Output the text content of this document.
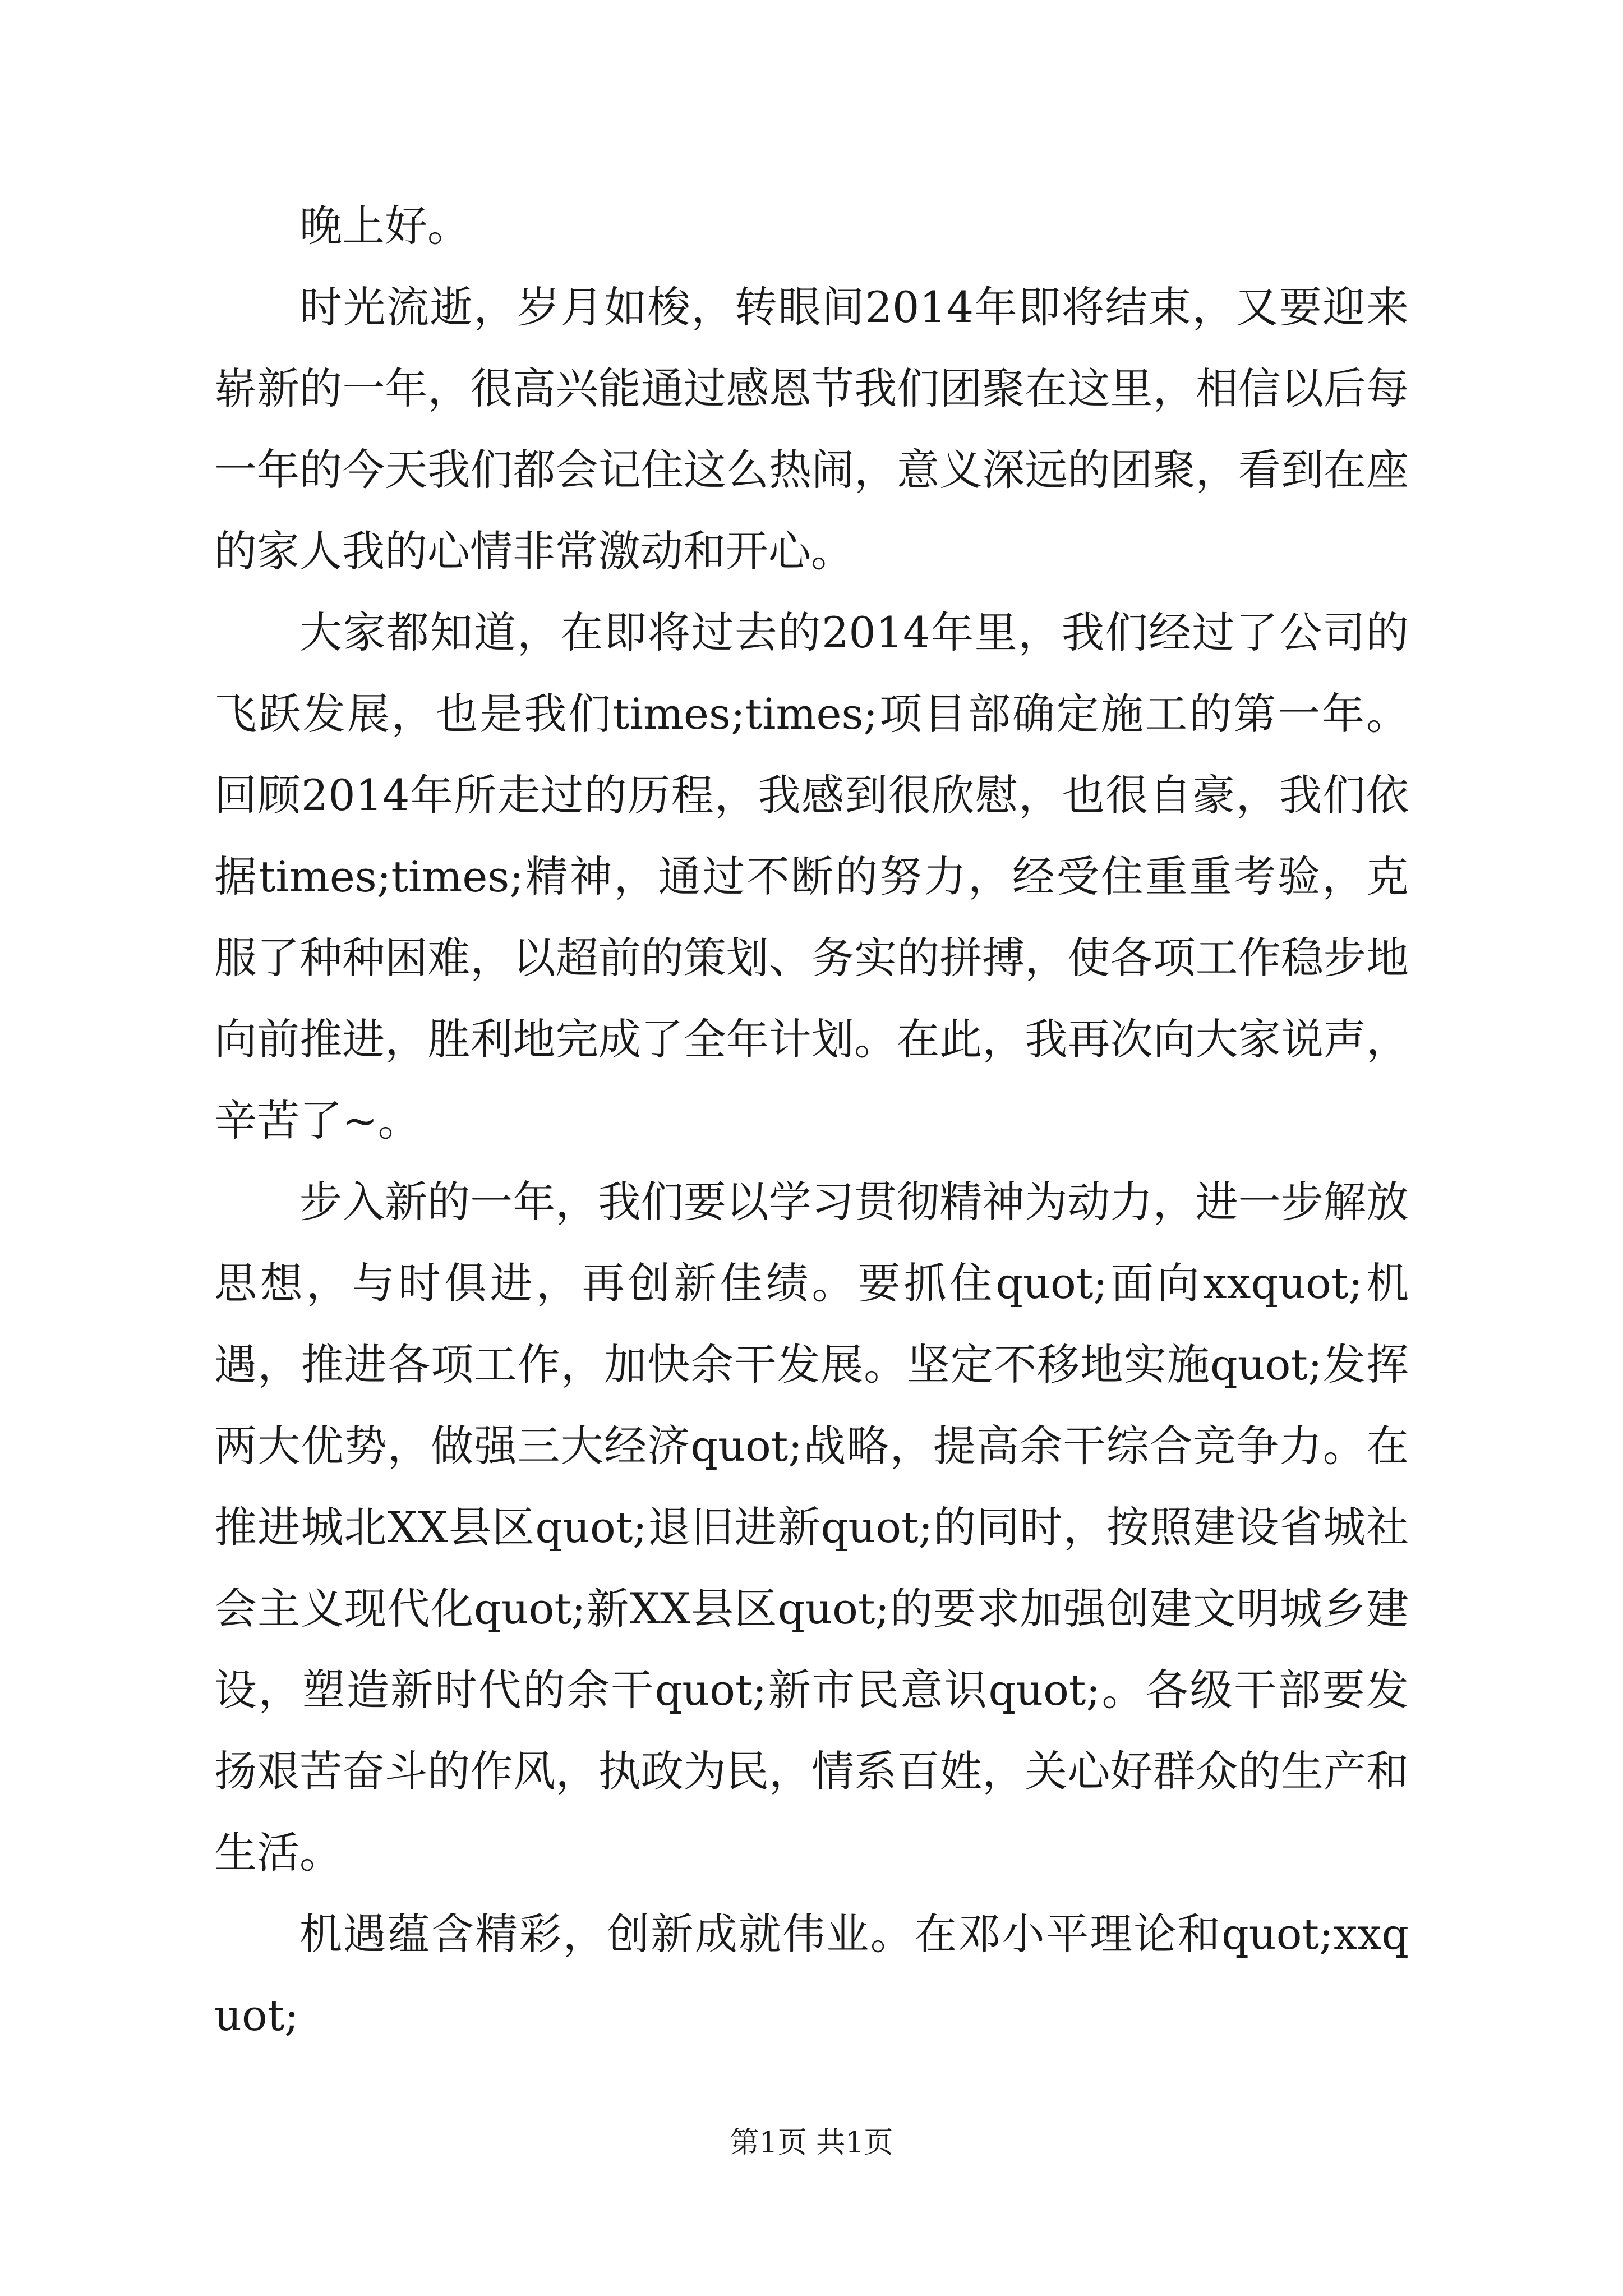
晚上好。

时光流逝，岁月如梭，转眼间2014年即将结束，又要迎来崭新的一年，很高兴能通过感恩节我们团聚在这里，相信以后每一年的今天我们都会记住这么热闹，意义深远的团聚，看到在座的家人我的心情非常激动和开心。

大家都知道，在即将过去的2014年里，我们经过了公司的飞跃发展，也是我们times;times;项目部确定施工的第一年。回顾2014年所走过的历程，我感到很欣慰，也很自豪，我们依据times;times;精神，通过不断的努力，经受住重重考验，克服了种种困难，以超前的策划、务实的拼搏，使各项工作稳步地向前推进，胜利地完成了全年计划。在此，我再次向大家说声，辛苦了~。

步入新的一年，我们要以学习贯彻精神为动力，进一步解放思想，与时俱进，再创新佳绩。要抓住quot;面向xxquot;机遇，推进各项工作，加快余干发展。坚定不移地实施quot;发挥两大优势，做强三大经济quot;战略，提高余干综合竞争力。在推进城北XX县区quot;退旧进新quot;的同时，按照建设省城社会主义现代化quot;新XX县区quot;的要求加强创建文明城乡建设，塑造新时代的余干quot;新市民意识quot;。各级干部要发扬艰苦奋斗的作风，执政为民，情系百姓，关心好群众的生产和生活。

机遇蕴含精彩，创新成就伟业。在邓小平理论和quot;xxquot;

第1页 共1页
